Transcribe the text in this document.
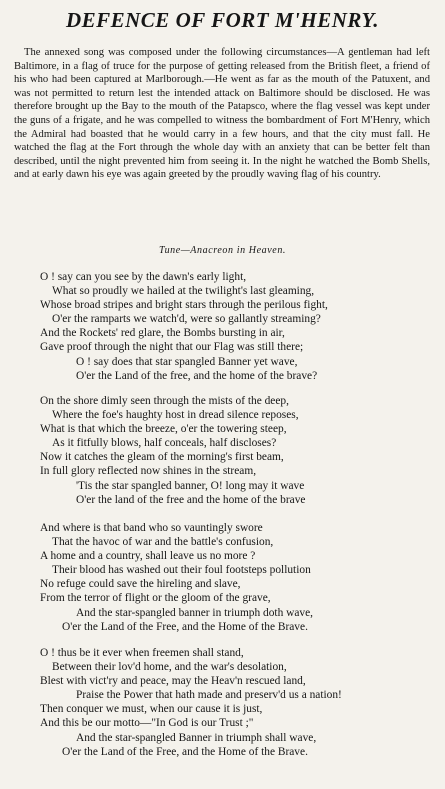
DEFENCE OF FORT M'HENRY.

The annexed song was composed under the following circumstances—A gentleman had left Baltimore, in a flag of truce for the purpose of getting released from the British fleet, a friend of his who had been captured at Marlborough.—He went as far as the mouth of the Patuxent, and was not permitted to return lest the intended attack on Baltimore should be disclosed. He was therefore brought up the Bay to the mouth of the Patapsco, where the flag vessel was kept under the guns of a frigate, and he was compelled to witness the bombardment of Fort M'Henry, which the Admiral had boasted that he would carry in a few hours, and that the city must fall. He watched the flag at the Fort through the whole day with an anxiety that can be better felt than described, until the night prevented him from seeing it. In the night he watched the Bomb Shells, and at early dawn his eye was again greeted by the proudly waving flag of his country.

Tune—Anacreon in Heaven.

O ! say can you see by the dawn's early light,
What so proudly we hailed at the twilight's last gleaming,
Whose broad stripes and bright stars through the perilous fight,
O'er the ramparts we watch'd, were so gallantly streaming?
And the Rockets' red glare, the Bombs bursting in air,
Gave proof through the night that our Flag was still there;
O ! say does that star spangled Banner yet wave,
O'er the Land of the free, and the home of the brave?
On the shore dimly seen through the mists of the deep,
Where the foe's haughty host in dread silence reposes,
What is that which the breeze, o'er the towering steep,
As it fitfully blows, half conceals, half discloses?
Now it catches the gleam of the morning's first beam,
In full glory reflected now shines in the stream,
'Tis the star spangled banner, O! long may it wave
O'er the land of the free and the home of the brave
And where is that band who so vauntingly swore
That the havoc of war and the battle's confusion,
A home and a country, shall leave us no more ?
Their blood has washed out their foul footsteps pollution
No refuge could save the hireling and slave,
From the terror of flight or the gloom of the grave,
And the star-spangled banner in triumph doth wave,
O'er the Land of the Free, and the Home of the Brave.
O ! thus be it ever when freemen shall stand,
Between their lov'd home, and the war's desolation,
Blest with vict'ry and peace, may the Heav'n rescued land,
Praise the Power that hath made and preserv'd us a nation!
Then conquer we must, when our cause it is just,
And this be our motto—"In God is our Trust ;"
And the star-spangled Banner in triumph shall wave,
O'er the Land of the Free, and the Home of the Brave.
